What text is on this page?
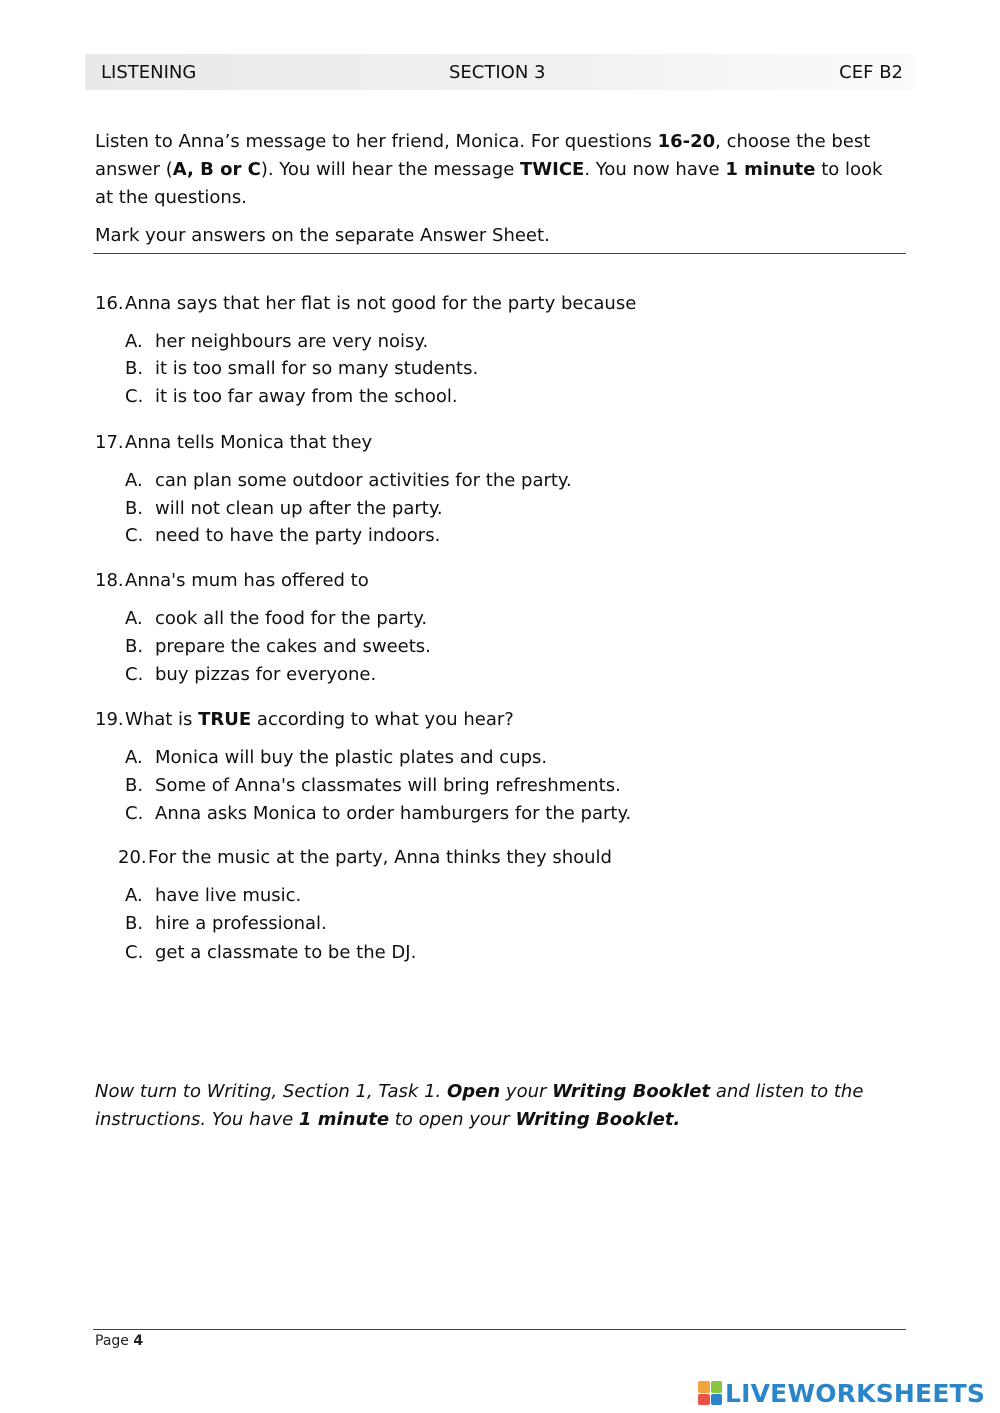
LISTENING	SECTION 3	CEF B2

Listen to Anna’s message to her friend, Monica. For questions 16-20, choose the best answer (A, B or C). You will hear the message TWICE. You now have 1 minute to look at the questions.

Mark your answers on the separate Answer Sheet.

16.Anna says that her flat is not good for the party because

A. her neighbours are very noisy.

B. it is too small for so many students.

C. it is too far away from the school.

17.Anna tells Monica that they

A. can plan some outdoor activities for the party.

B. will not clean up after the party.

C. need to have the party indoors.

18.Anna's mum has offered to

A. cook all the food for the party.

B. prepare the cakes and sweets.

C. buy pizzas for everyone.

19.What is TRUE according to what you hear?

A. Monica will buy the plastic plates and cups.

B. Some of Anna's classmates will bring refreshments.

C. Anna asks Monica to order hamburgers for the party.

20.For the music at the party, Anna thinks they should

A. have live music.

B. hire a professional.

C. get a classmate to be the DJ.

Now turn to Writing, Section 1, Task 1. Open your Writing Booklet and listen to the instructions. You have 1 minute to open your Writing Booklet.

Page 4
LIVEWORKSHEETS
